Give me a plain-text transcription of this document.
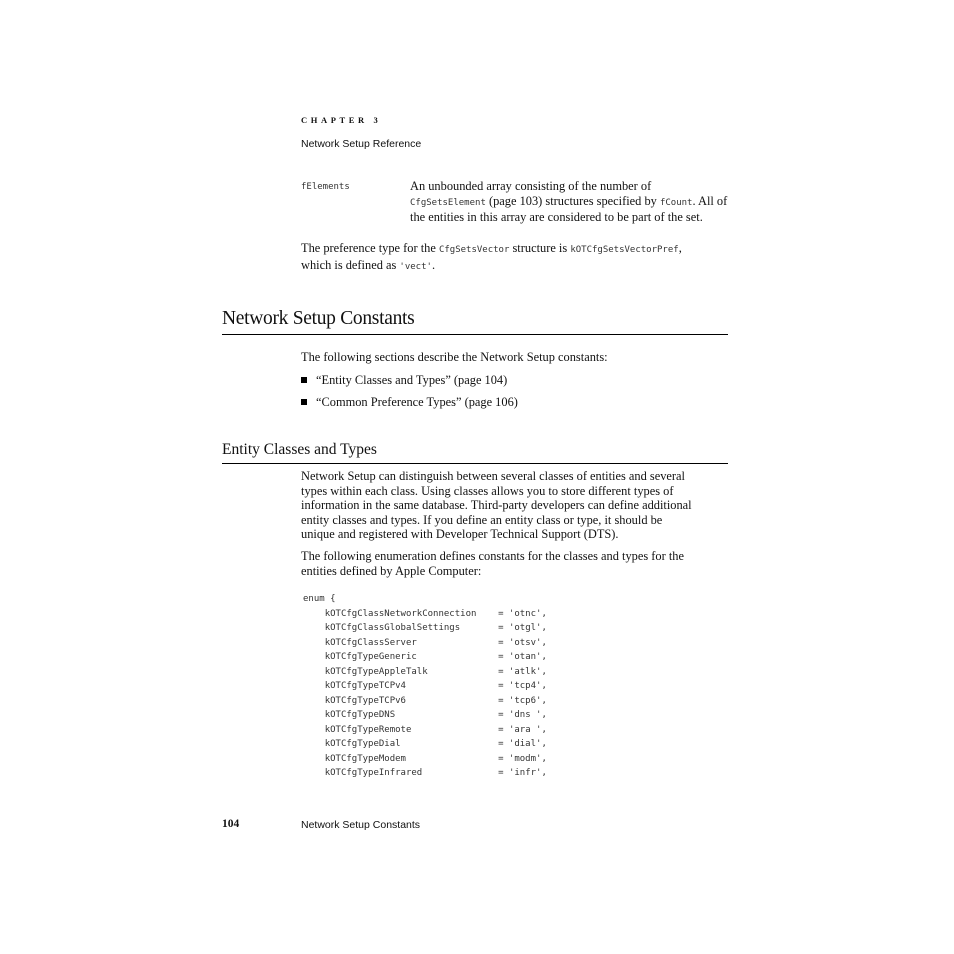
CHAPTER 3
Network Setup Reference
fElements	An unbounded array consisting of the number of
CfgSetsElement (page 103) structures specified by fCount. All of the entities in this array are considered to be part of the set.
The preference type for the CfgSetsVector structure is kOTCfgSetsVectorPref,
which is defined as 'vect'.
Network Setup Constants
The following sections describe the Network Setup constants:
“Entity Classes and Types” (page 104)
“Common Preference Types” (page 106)
Entity Classes and Types
Network Setup can distinguish between several classes of entities and several
types within each class. Using classes allows you to store different types of
information in the same database. Third-party developers can define additional
entity classes and types. If you define an entity class or type, it should be
unique and registered with Developer Technical Support (DTS).
The following enumeration defines constants for the classes and types for the
entities defined by Apple Computer:
enum {
kOTCfgClassNetworkConnection    = 'otnc',
kOTCfgClassGlobalSettings       = 'otgl',
kOTCfgClassServer               = 'otsv',
kOTCfgTypeGeneric               = 'otan',
kOTCfgTypeAppleTalk             = 'atlk',
kOTCfgTypeTCPv4                 = 'tcp4',
kOTCfgTypeTCPv6                 = 'tcp6',
kOTCfgTypeDNS                   = 'dns ',
kOTCfgTypeRemote                = 'ara ',
kOTCfgTypeDial                  = 'dial',
kOTCfgTypeModem                 = 'modm',
kOTCfgTypeInfrared              = 'infr',
104	Network Setup Constants
